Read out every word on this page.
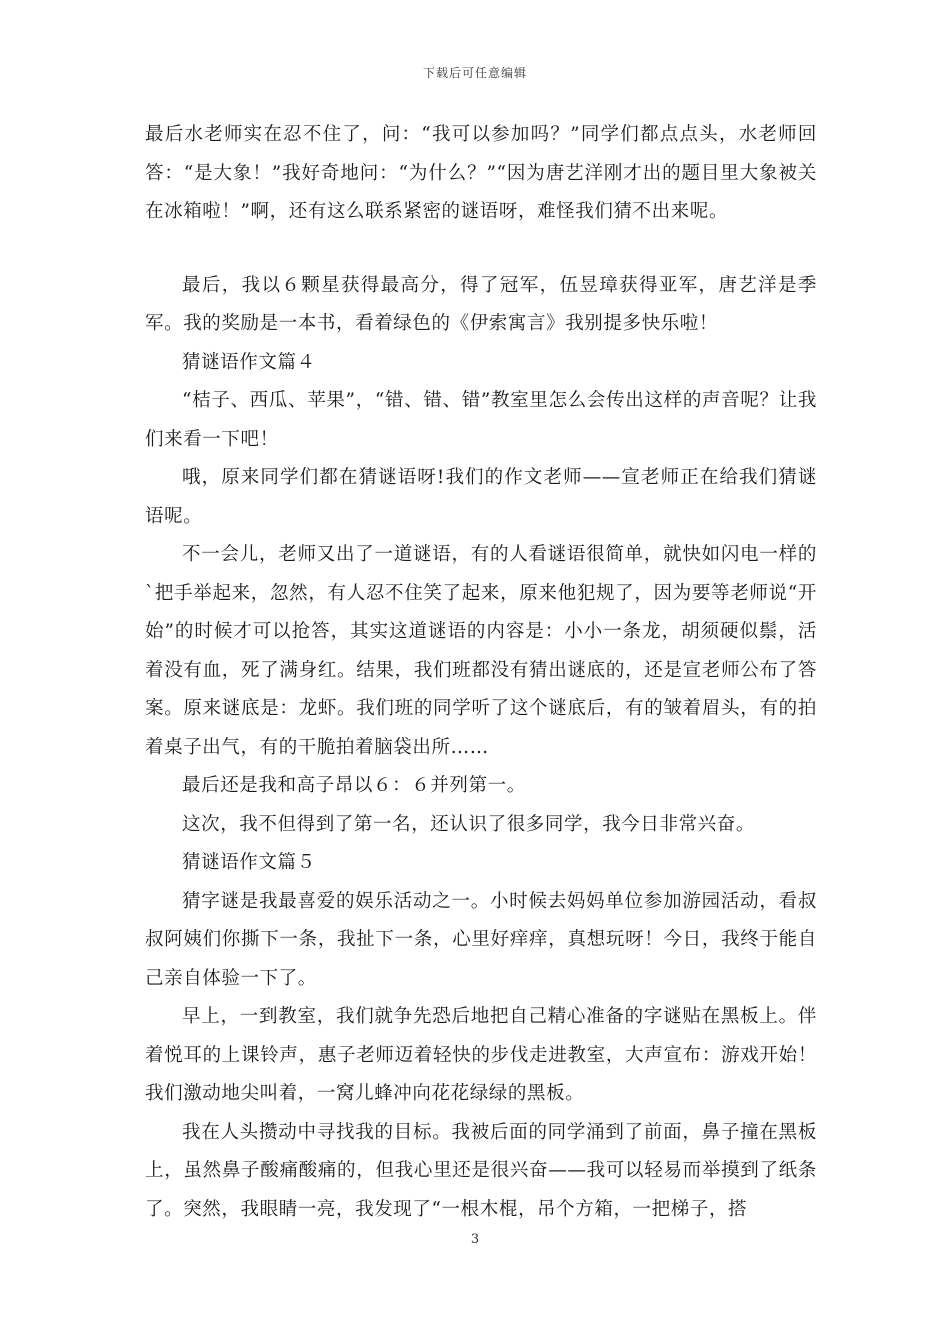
下载后可任意编辑

最后水老师实在忍不住了，问：“我可以参加吗？”同学们都点点头，水老师回答：“是大象！”我好奇地问：“为什么？”“因为唐艺洋刚才出的题目里大象被关在冰箱啦！”啊，还有这么联系紧密的谜语呀，难怪我们猜不出来呢。

最后，我以６颗星获得最高分，得了冠军，伍昱璋获得亚军，唐艺洋是季军。我的奖励是一本书，看着绿色的《伊索寓言》我别提多快乐啦！

猜谜语作文篇４

“桔子、西瓜、苹果”，“错、错、错”教室里怎么会传出这样的声音呢？让我们来看一下吧！

哦，原来同学们都在猜谜语呀!我们的作文老师——宣老师正在给我们猜谜语呢。

不一会儿，老师又出了一道谜语，有的人看谜语很简单，就快如闪电一样的`把手举起来，忽然，有人忍不住笑了起来，原来他犯规了，因为要等老师说“开始”的时候才可以抢答，其实这道谜语的内容是：小小一条龙，胡须硬似鬃，活着没有血，死了满身红。结果，我们班都没有猜出谜底的，还是宣老师公布了答案。原来谜底是：龙虾。我们班的同学听了这个谜底后，有的皱着眉头，有的拍着桌子出气，有的干脆拍着脑袋出所……

最后还是我和高子昂以６：６并列第一。

这次，我不但得到了第一名，还认识了很多同学，我今日非常兴奋。

猜谜语作文篇５

猜字谜是我最喜爱的娱乐活动之一。小时候去妈妈单位参加游园活动，看叔叔阿姨们你撕下一条，我扯下一条，心里好痒痒，真想玩呀！今日，我终于能自己亲自体验一下了。

早上，一到教室，我们就争先恐后地把自己精心准备的字谜贴在黑板上。伴着悦耳的上课铃声，惠子老师迈着轻快的步伐走进教室，大声宣布：游戏开始！我们激动地尖叫着，一窝儿蜂冲向花花绿绿的黑板。

我在人头攒动中寻找我的目标。我被后面的同学涌到了前面，鼻子撞在黑板上，虽然鼻子酸痛酸痛的，但我心里还是很兴奋——我可以轻易而举摸到了纸条了。突然，我眼睛一亮，我发现了“一根木棍，吊个方箱，一把梯子，搭

3
